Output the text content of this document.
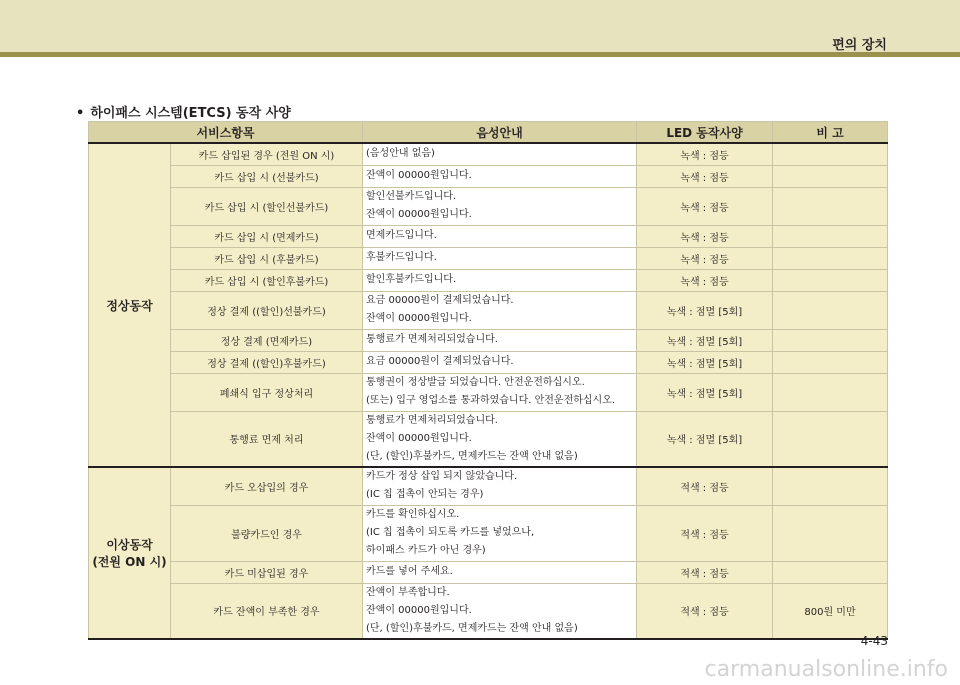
편의 장치
• 하이패스 시스템(ETCS) 동작 사양
서비스항목		음성안내	LED 동작사양	비 고
정상동작	카드 삽입된 경우 (전원 ON 시)	(음성안내 없음)	녹색 : 점등	
	카드 삽입 시 (선불카드)	잔액이 00000원입니다.	녹색 : 점등	
	카드 삽입 시 (할인선불카드)	할인선불카드입니다.
잔액이 00000원입니다.	녹색 : 점등	
	카드 삽입 시 (면제카드)	면제카드입니다.	녹색 : 점등	
	카드 삽입 시 (후불카드)	후불카드입니다.	녹색 : 점등	
	카드 삽입 시 (할인후불카드)	할인후불카드입니다.	녹색 : 점등	
	정상 결제 ((할인)선불카드)	요금 00000원이 결제되었습니다.
잔액이 00000원입니다.	녹색 : 점멸 [5회]	
	정상 결제 (면제카드)	통행료가 면제처리되었습니다.	녹색 : 점멸 [5회]	
	정상 결제 ((할인)후불카드)	요금 00000원이 결제되었습니다.	녹색 : 점멸 [5회]	
	폐쇄식 입구 정상처리	통행권이 정상발급 되었습니다. 안전운전하십시오.
(또는) 입구 영업소를 통과하였습니다. 안전운전하십시오.	녹색 : 점멸 [5회]	
	통행료 면제 처리	통행료가 면제처리되었습니다.
잔액이 00000원입니다.
(단, (할인)후불카드, 면제카드는 잔액 안내 없음)	녹색 : 점멸 [5회]	

이상동작
(전원 ON 시)	카드 오삽입의 경우	카드가 정상 삽입 되지 않았습니다.
(IC 칩 접촉이 안되는 경우)	적색 : 점등	
	불량카드인 경우	카드를 확인하십시오.
(IC 칩 접촉이 되도록 카드를 넣었으나,
하이패스 카드가 아닌 경우)	적색 : 점등	
	카드 미삽입된 경우	카드를 넣어 주세요.	적색 : 점등	
	카드 잔액이 부족한 경우	잔액이 부족합니다.
잔액이 00000원입니다.
(단, (할인)후불카드, 면제카드는 잔액 안내 없음)	적색 : 점등	800원 미만
4-43
carmanualsonline.info
